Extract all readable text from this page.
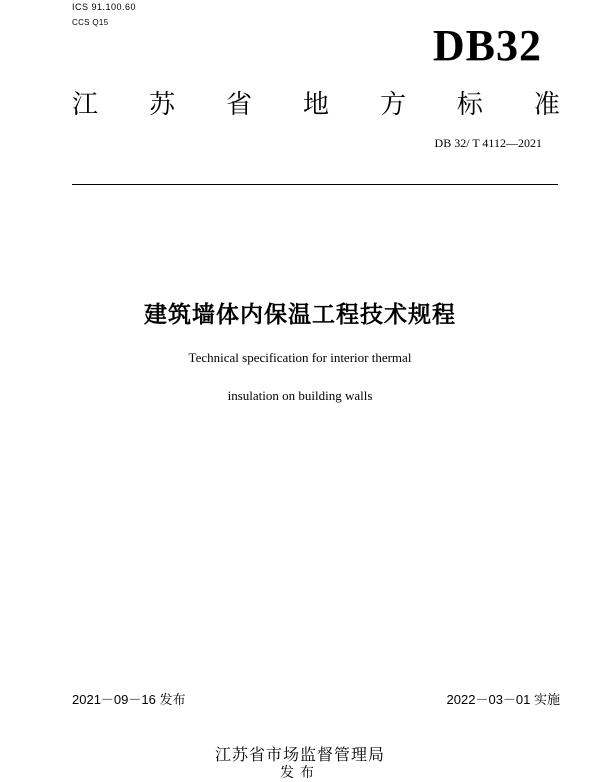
ICS 91.100.60
CCS Q15	DB32
江 苏 省 地 方 标 准
DB 32/ T 4112—2021
建筑墙体内保温工程技术规程
Technical specification for interior thermal
insulation on building walls
2021－09－16 发布	2022－03－01 实施
江苏省市场监督管理局
发布
